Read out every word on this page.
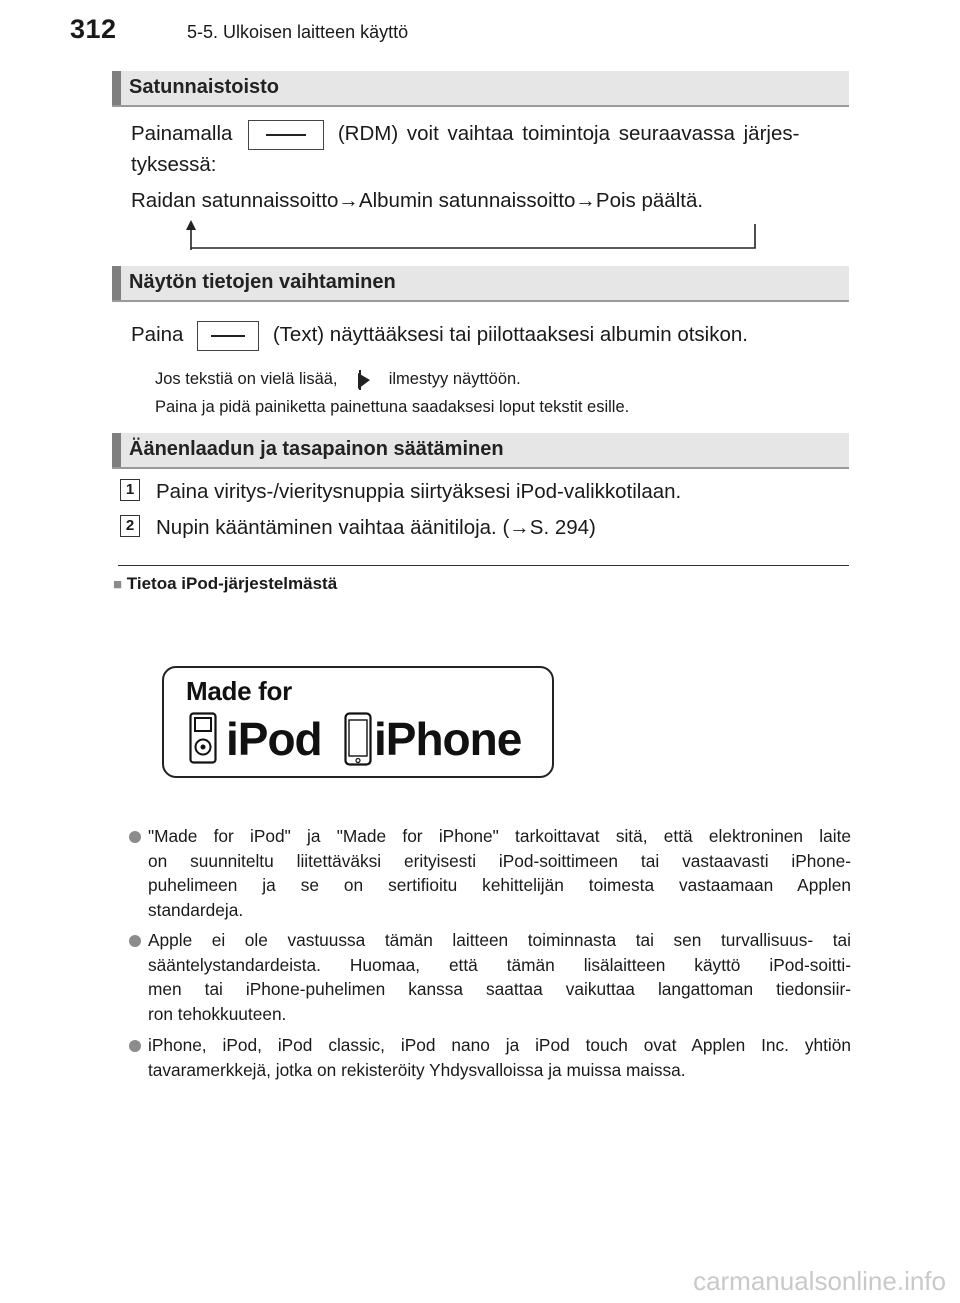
312	5-5. Ulkoisen laitteen käyttö
Satunnaistoisto
Painamalla	(RDM) voit vaihtaa toimintoja seuraavassa järjes-
tyksessä:
Raidan satunnaissoitto→Albumin satunnaissoitto→Pois päältä.
Näytön tietojen vaihtaminen
Paina	(Text) näyttääksesi tai piilottaaksesi albumin otsikon.
Jos tekstiä on vielä lisää,	ilmestyy näyttöön.
Paina ja pidä painiketta painettuna saadaksesi loput tekstit esille.
Äänenlaadun ja tasapainon säätäminen
1 Paina viritys-/vieritysnuppia siirtyäksesi iPod-valikkotilaan.
2 Nupin kääntäminen vaihtaa äänitiloja. (→S. 294)
■ Tietoa iPod-järjestelmästä
Made for
iPod iPhone
"Made for iPod" ja "Made for iPhone" tarkoittavat sitä, että elektroninen laite
on suunniteltu liitettäväksi erityisesti iPod-soittimeen tai vastaavasti iPhone-
puhelimeen ja se on sertifioitu kehittelijän toimesta vastaamaan Applen
standardeja.
Apple ei ole vastuussa tämän laitteen toiminnasta tai sen turvallisuus- tai
sääntelystandardeista. Huomaa, että tämän lisälaitteen käyttö iPod-soitti-
men tai iPhone-puhelimen kanssa saattaa vaikuttaa langattoman tiedonsiir-
ron tehokkuuteen.
iPhone, iPod, iPod classic, iPod nano ja iPod touch ovat Applen Inc. yhtiön
tavaramerkkejä, jotka on rekisteröity Yhdysvalloissa ja muissa maissa.
carmanualsonline.info
